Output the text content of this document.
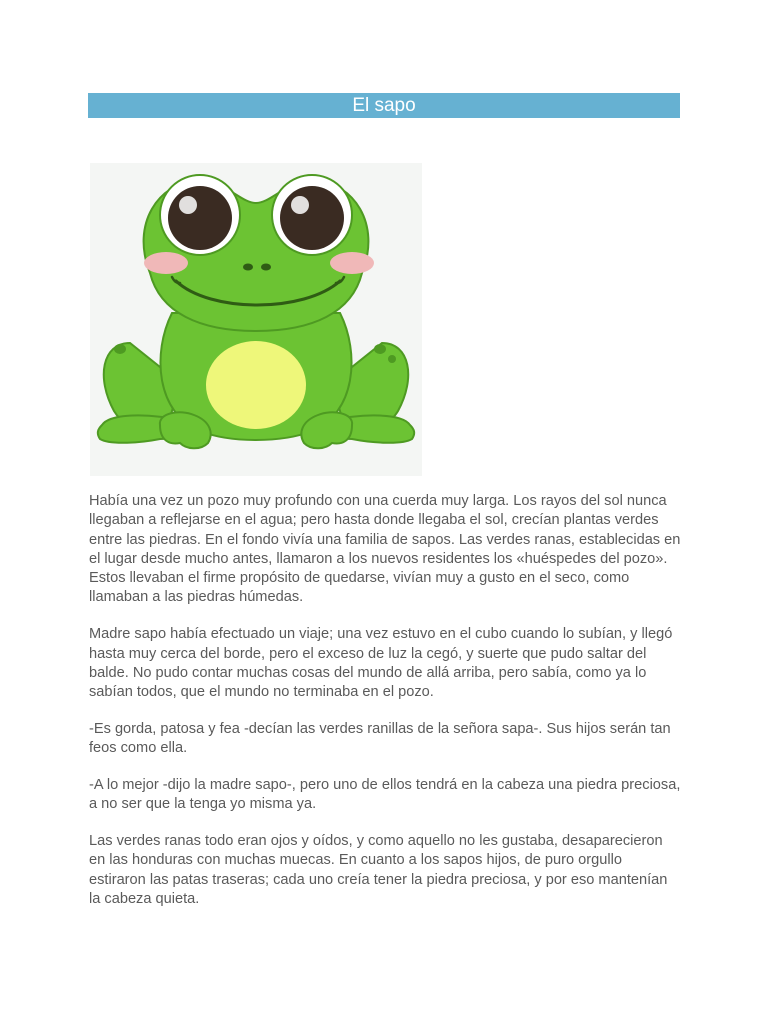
El sapo

Había una vez un pozo muy profundo con una cuerda muy larga. Los rayos del sol nunca llegaban a reflejarse en el agua; pero hasta donde llegaba el sol, crecían plantas verdes entre las piedras. En el fondo vivía una familia de sapos. Las verdes ranas, establecidas en el lugar desde mucho antes, llamaron a los nuevos residentes los «huéspedes del pozo». Estos llevaban el firme propósito de quedarse, vivían muy a gusto en el seco, como llamaban a las piedras húmedas.

Madre sapo había efectuado un viaje; una vez estuvo en el cubo cuando lo subían, y llegó hasta muy cerca del borde, pero el exceso de luz la cegó, y suerte que pudo saltar del balde. No pudo contar muchas cosas del mundo de allá arriba, pero sabía, como ya lo sabían todos, que el mundo no terminaba en el pozo.

-Es gorda, patosa y fea -decían las verdes ranillas de la señora sapa-. Sus hijos serán tan feos como ella.

-A lo mejor -dijo la madre sapo-, pero uno de ellos tendrá en la cabeza una piedra preciosa, a no ser que la tenga yo misma ya.

Las verdes ranas todo eran ojos y oídos, y como aquello no les gustaba, desaparecieron en las honduras con muchas muecas. En cuanto a los sapos hijos, de puro orgullo estiraron las patas traseras; cada uno creía tener la piedra preciosa, y por eso mantenían la cabeza quieta.
